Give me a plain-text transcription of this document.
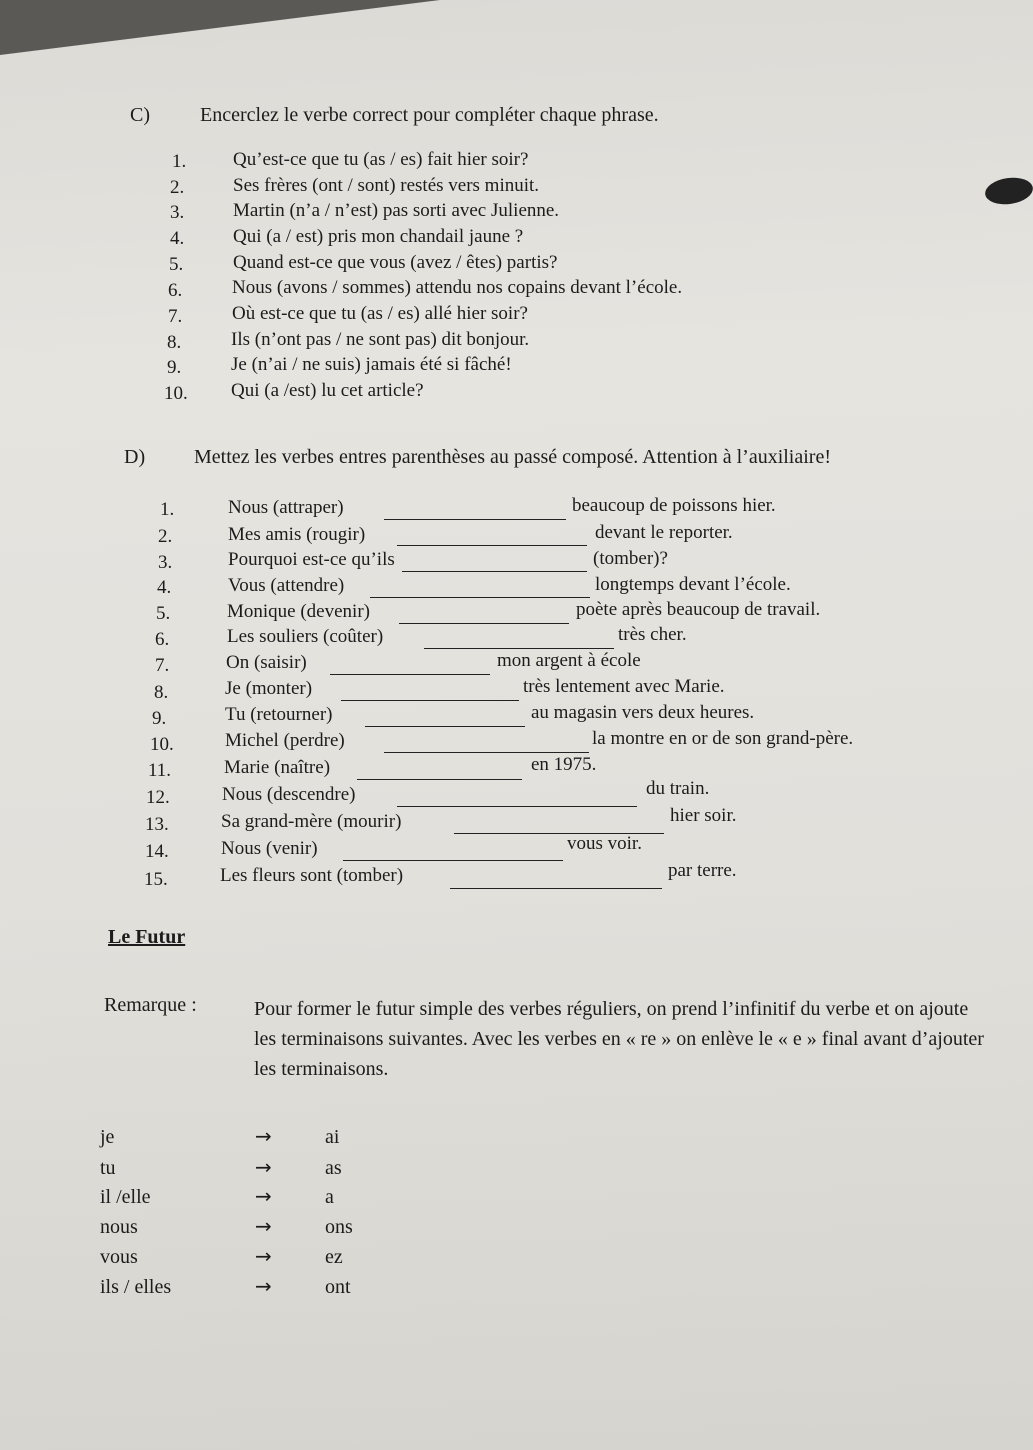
C)	Encerclez le verbe correct pour compléter chaque phrase.
1. Qu’est-ce que tu (as / es) fait hier soir?
2.	Ses frères (ont / sont) restés vers minuit.
3.	Martin (n’a / n’est) pas sorti avec Julienne.
4.	Qui (a / est) pris mon chandail jaune ?
5.	Quand est-ce que vous (avez / êtes) partis?
6.	Nous (avons / sommes) attendu nos copains devant l’école.
7.	Où est-ce que tu (as / es) allé hier soir?
8.	Ils (n’ont pas / ne sont pas) dit bonjour.
9.	Je (n’ai / ne suis) jamais été si fâché!
10. Qui (a /est) lu cet article?
D) Mettez les verbes entres parenthèses au passé composé. Attention à l’auxiliaire!
1.	Nous (attraper)	beaucoup de poissons hier.
2.	Mes amis (rougir)	devant le reporter.
3.	Pourquoi est-ce qu’ils	(tomber)?
4.	Vous (attendre)	longtemps devant l’école.
5.	Monique (devenir)	poète après beaucoup de travail.
6.	Les souliers (coûter)	très cher.
7.	On (saisir)	mon argent à école
8.	Je (monter)	très lentement avec Marie.
9.	Tu (retourner)	au magasin vers deux heures.
10.	Michel (perdre)	la montre en or de son grand-père.
11.	Marie (naître)	en 1975.
12.	Nous (descendre)	du train.
13.	Sa grand-mère (mourir)	hier soir.
14.	Nous (venir)	vous voir.
15.	Les fleurs sont (tomber)	par terre.
Le Futur
Remarque :	Pour former le futur simple des verbes réguliers, on prend l’infinitif du verbe et on ajoute les terminaisons suivantes. Avec les verbes en « re » on enlève le « e » final avant d’ajouter les terminaisons.
je	→	ai
tu	→	as
il /elle	→	a
nous	→	ons
vous	→	ez
ils / elles	→	ont
